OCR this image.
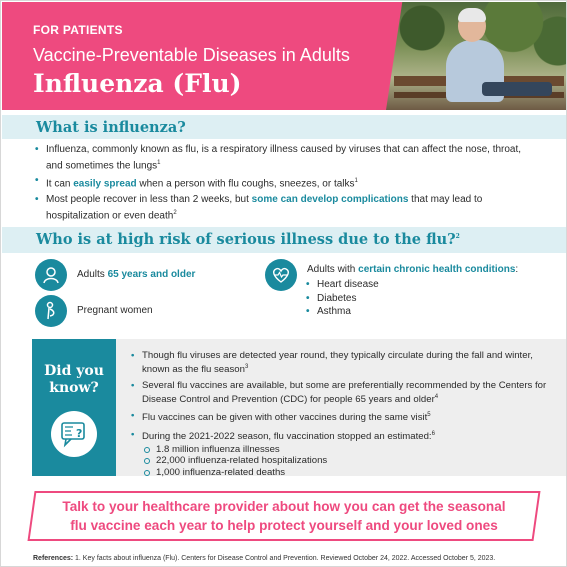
FOR PATIENTS
Vaccine-Preventable Diseases in Adults
Influenza (Flu)
What is influenza?
• Influenza, commonly known as flu, is a respiratory illness caused by viruses that can affect the nose, throat, and sometimes the lungs$^1$
• It can easily spread when a person with flu coughs, sneezes, or talks$^1$
• Most people recover in less than 2 weeks, but some can develop complications that may lead to hospitalization or even death$^2$
Who is at high risk of serious illness due to the flu?$^2$
Adults 65 years and older
Pregnant women
Adults with certain chronic health conditions:
• Heart disease
• Diabetes
• Asthma
Did you
know?
?
• Though flu viruses are detected year round, they typically circulate during the fall and winter, known as the flu season$^3$
• Several flu vaccines are available, but some are preferentially recommended by the Centers for Disease Control and Prevention (CDC) for people 65 years and older$^4$
• Flu vaccines can be given with other vaccines during the same visit$^5$
• During the 2021-2022 season, flu vaccination stopped an estimated:$^6$
1.8 million influenza illnesses
22,000 influenza-related hospitalizations
1,000 influenza-related deaths
Talk to your healthcare provider about how you can get the seasonal
flu vaccine each year to help protect yourself and your loved ones
References: 1. Key facts about influenza (Flu). Centers for Disease Control and Prevention. Reviewed October 24, 2022. Accessed October 5, 2023.
